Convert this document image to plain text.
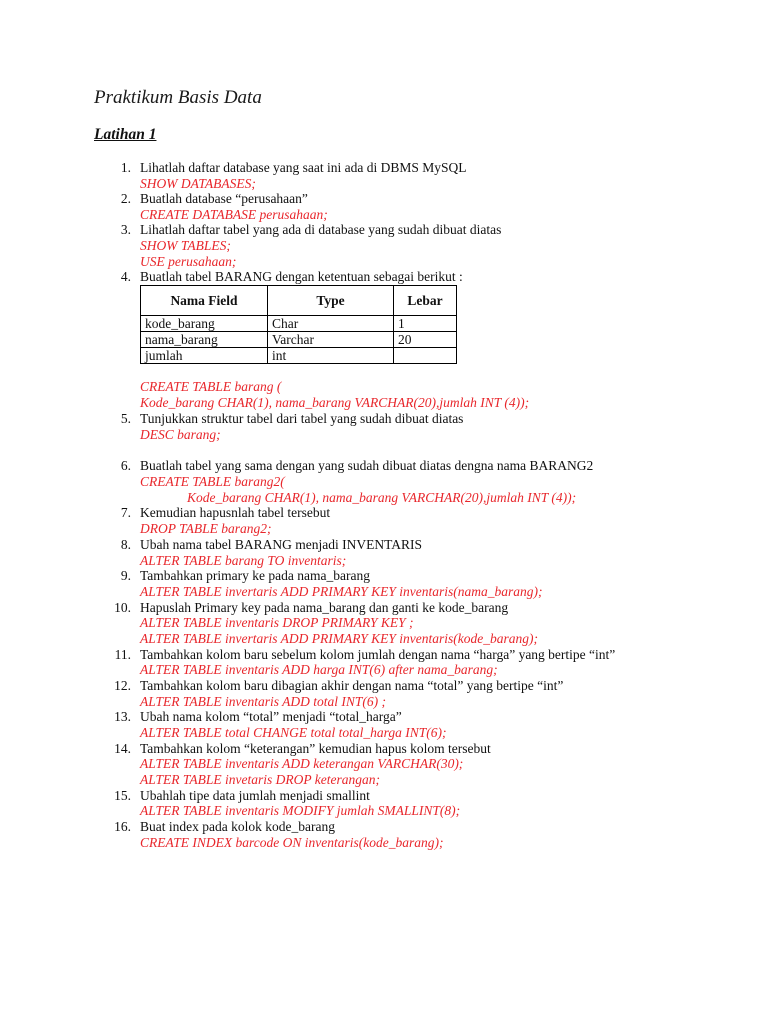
Praktikum Basis Data
Latihan 1
1. Lihatlah daftar database yang saat ini ada di DBMS MySQL
SHOW DATABASES;
2. Buatlah database “perusahaan”
CREATE DATABASE perusahaan;
3. Lihatlah daftar tabel yang ada di database yang sudah dibuat diatas
SHOW TABLES;
USE perusahaan;
4. Buatlah tabel BARANG dengan ketentuan sebagai berikut :
Nama Field	Type	Lebar
kode_barang	Char	1
nama_barang	Varchar	20
jumlah	int	
CREATE TABLE barang (
Kode_barang CHAR(1), nama_barang VARCHAR(20),jumlah INT (4));
5. Tunjukkan struktur tabel dari tabel yang sudah dibuat diatas
DESC barang;
6. Buatlah tabel yang sama dengan yang sudah dibuat diatas dengna nama BARANG2
CREATE TABLE barang2(
Kode_barang CHAR(1), nama_barang VARCHAR(20),jumlah INT (4));
7. Kemudian hapusnlah tabel tersebut
DROP TABLE barang2;
8. Ubah nama tabel BARANG menjadi INVENTARIS
ALTER TABLE barang TO inventaris;
9. Tambahkan primary ke pada nama_barang
ALTER TABLE invertaris ADD PRIMARY KEY inventaris(nama_barang);
10. Hapuslah Primary key pada nama_barang dan ganti ke kode_barang
ALTER TABLE inventaris DROP PRIMARY KEY ;
ALTER TABLE invertaris ADD PRIMARY KEY inventaris(kode_barang);
11. Tambahkan kolom baru sebelum kolom jumlah dengan nama “harga” yang bertipe “int”
ALTER TABLE inventaris ADD harga INT(6) after nama_barang;
12. Tambahkan kolom baru dibagian akhir dengan nama “total” yang bertipe “int”
ALTER TABLE inventaris ADD total INT(6) ;
13. Ubah nama kolom “total” menjadi “total_harga”
ALTER TABLE total CHANGE total total_harga INT(6);
14. Tambahkan kolom “keterangan” kemudian hapus kolom tersebut
ALTER TABLE inventaris ADD keterangan VARCHAR(30);
ALTER TABLE invetaris DROP keterangan;
15. Ubahlah tipe data jumlah menjadi smallint
ALTER TABLE inventaris MODIFY jumlah SMALLINT(8);
16. Buat index pada kolok kode_barang
CREATE INDEX barcode ON inventaris(kode_barang);
